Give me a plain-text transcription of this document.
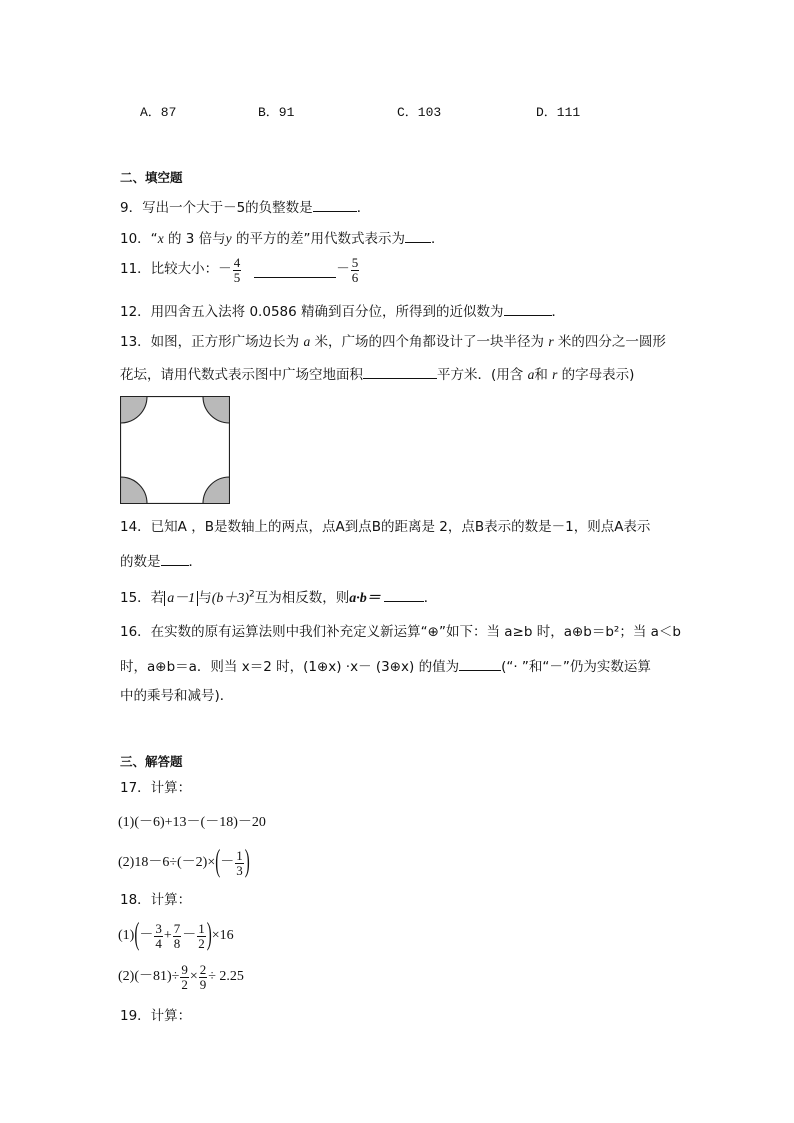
A．87	B．91	C．103	D．111
二、填空题
9．写出一个大于－5的负整数是	．
10．“x 的 3 倍与y 的平方的差”用代数式表示为 ．
11．比较大小：－ $\frac{4}{5}$	－ $\frac{5}{6}$
12．用四舍五入法将 0.0586 精确到百分位，所得到的近似数为	．
13．如图，正方形广场边长为 a 米，广场的四个角都设计了一块半径为 r 米的四分之一圆形
花坛，请用代数式表示图中广场空地面积	平方米．(用含 a和 r 的字母表示)
14．已知A ，B是数轴上的两点，点A到点B的距离是 2，点B表示的数是－1，则点A表示
的数是 ．
15．若 a－1 与$(b+3)^2$互为相反数，则a·b＝	．
16．在实数的原有运算法则中我们补充定义新运算“⊕”如下：当 a≥b 时，a⊕b＝b²；当 a＜b
时，a⊕b＝a．则当 x＝2 时，(1⊕x) ·x－ (3⊕x) 的值为	(“· ”和“－”仍为实数运算
中的乘号和减号)．
三、解答题
17．计算：
(1)(－6)+13－(－18)－20
(2)18－6÷(－2)× ( － $\frac{1}{3}$ )
18．计算：
(1) ( － $\frac{3}{4} + \frac{7}{8} - \frac{1}{2}$ ) ×16
$(2)(-81)\div \frac{9}{2} \times \frac{2}{9} \div 2.25$
19．计算：
